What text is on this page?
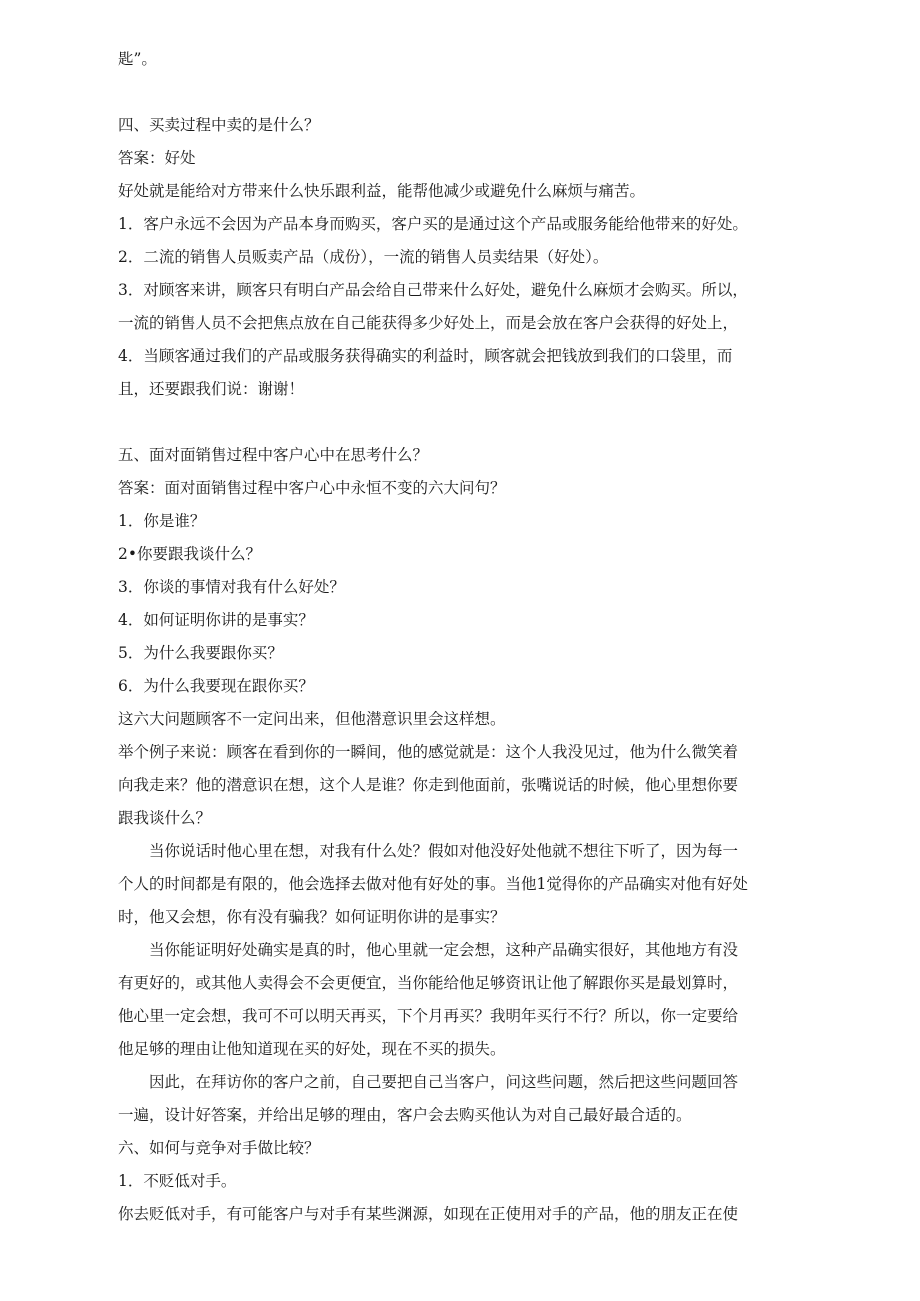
匙”。

四、买卖过程中卖的是什么？

答案：好处

好处就是能给对方带来什么快乐跟利益，能帮他减少或避免什么麻烦与痛苦。

1．客户永远不会因为产品本身而购买，客户买的是通过这个产品或服务能给他带来的好处。

2．二流的销售人员贩卖产品（成份），一流的销售人员卖结果（好处）。

3．对顾客来讲，顾客只有明白产品会给自己带来什么好处，避免什么麻烦才会购买。所以，

一流的销售人员不会把焦点放在自己能获得多少好处上，而是会放在客户会获得的好处上，

4．当顾客通过我们的产品或服务获得确实的利益时，顾客就会把钱放到我们的口袋里，而

且，还要跟我们说：谢谢！

五、面对面销售过程中客户心中在思考什么？

答案：面对面销售过程中客户心中永恒不变的六大问句？

1．你是谁？

2•你要跟我谈什么？

3．你谈的事情对我有什么好处？

4．如何证明你讲的是事实？

5．为什么我要跟你买？

6．为什么我要现在跟你买？

这六大问题顾客不一定问出来，但他潜意识里会这样想。

举个例子来说：顾客在看到你的一瞬间，他的感觉就是：这个人我没见过，他为什么微笑着

向我走来？他的潜意识在想，这个人是谁？你走到他面前，张嘴说话的时候，他心里想你要

跟我谈什么？

当你说话时他心里在想，对我有什么处？假如对他没好处他就不想往下听了，因为每一

个人的时间都是有限的，他会选择去做对他有好处的事。当他1觉得你的产品确实对他有好处

时，他又会想，你有没有骗我？如何证明你讲的是事实？

当你能证明好处确实是真的时，他心里就一定会想，这种产品确实很好，其他地方有没

有更好的，或其他人卖得会不会更便宜，当你能给他足够资讯让他了解跟你买是最划算时，

他心里一定会想，我可不可以明天再买，下个月再买？我明年买行不行？所以，你一定要给

他足够的理由让他知道现在买的好处，现在不买的损失。

因此，在拜访你的客户之前，自己要把自己当客户，问这些问题，然后把这些问题回答

一遍，设计好答案，并给出足够的理由，客户会去购买他认为对自己最好最合适的。

六、如何与竞争对手做比较？

1．不贬低对手。

你去贬低对手，有可能客户与对手有某些渊源，如现在正使用对手的产品，他的朋友正在使
